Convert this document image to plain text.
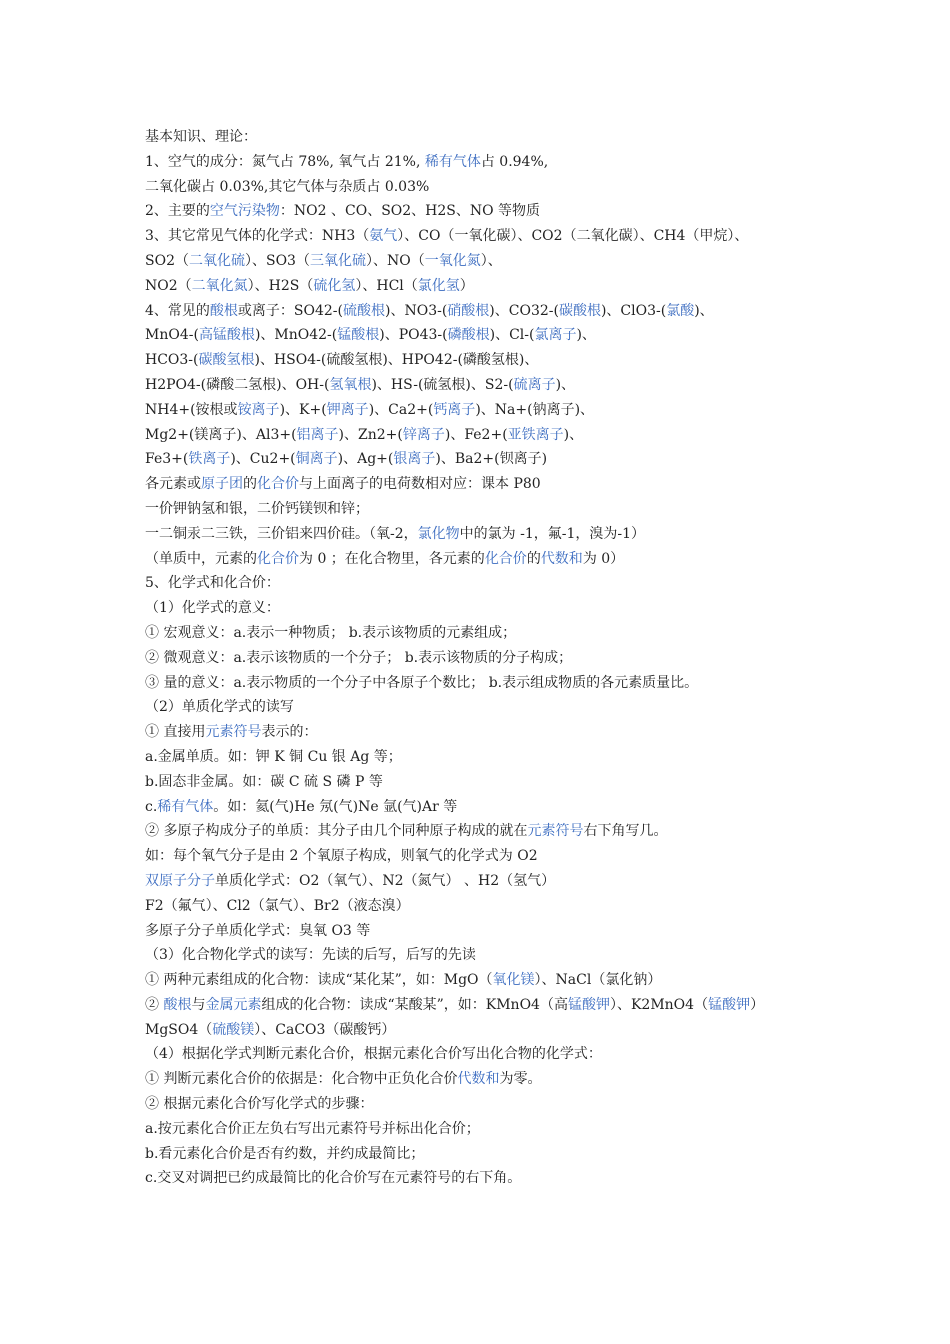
基本知识、理论：

1、空气的成分：氮气占 78%, 氧气占 21%, 稀有气体占 0.94%,

二氧化碳占 0.03%,其它气体与杂质占 0.03%

2、主要的空气污染物：NO2 、CO、SO2、H2S、NO 等物质

3、其它常见气体的化学式：NH3（氨气）、CO（一氧化碳）、CO2（二氧化碳）、CH4（甲烷）、

SO2（二氧化硫）、SO3（三氧化硫）、NO（一氧化氮）、

NO2（二氧化氮）、H2S（硫化氢）、HCl（氯化氢）

4、常见的酸根或离子：SO42-(硫酸根)、NO3-(硝酸根)、CO32-(碳酸根)、ClO3-(氯酸)、

MnO4-(高锰酸根)、MnO42-(锰酸根)、PO43-(磷酸根)、Cl-(氯离子)、

HCO3-(碳酸氢根)、HSO4-(硫酸氢根)、HPO42-(磷酸氢根)、

H2PO4-(磷酸二氢根)、OH-(氢氧根)、HS-(硫氢根)、S2-(硫离子)、

NH4+(铵根或铵离子)、K+(钾离子)、Ca2+(钙离子)、Na+(钠离子)、

Mg2+(镁离子)、Al3+(铝离子)、Zn2+(锌离子)、Fe2+(亚铁离子)、

Fe3+(铁离子)、Cu2+(铜离子)、Ag+(银离子)、Ba2+(钡离子)

各元素或原子团的化合价与上面离子的电荷数相对应：课本 P80

一价钾钠氢和银，二价钙镁钡和锌；

一二铜汞二三铁，三价铝来四价硅。（氧-2，氯化物中的氯为 -1，氟-1，溴为-1）

（单质中，元素的化合价为 0 ；在化合物里，各元素的化合价的代数和为 0）

5、化学式和化合价：

（1）化学式的意义：

① 宏观意义：a.表示一种物质； b.表示该物质的元素组成；

② 微观意义：a.表示该物质的一个分子； b.表示该物质的分子构成；

③ 量的意义：a.表示物质的一个分子中各原子个数比； b.表示组成物质的各元素质量比。

（2）单质化学式的读写

① 直接用元素符号表示的：

a.金属单质。如：钾 K 铜 Cu 银 Ag 等；

b.固态非金属。如：碳 C 硫 S 磷 P 等

c.稀有气体。如：氦(气)He 氖(气)Ne 氩(气)Ar 等

② 多原子构成分子的单质：其分子由几个同种原子构成的就在元素符号右下角写几。

如：每个氧气分子是由 2 个氧原子构成，则氧气的化学式为 O2

双原子分子单质化学式：O2（氧气）、N2（氮气） 、H2（氢气）

F2（氟气）、Cl2（氯气）、Br2（液态溴）

多原子分子单质化学式：臭氧 O3 等

（3）化合物化学式的读写：先读的后写，后写的先读

① 两种元素组成的化合物：读成“某化某”，如：MgO（氧化镁）、NaCl（氯化钠）

② 酸根与金属元素组成的化合物：读成“某酸某”，如：KMnO4（高锰酸钾）、K2MnO4（锰酸钾）

MgSO4（硫酸镁）、CaCO3（碳酸钙）

（4）根据化学式判断元素化合价，根据元素化合价写出化合物的化学式：

① 判断元素化合价的依据是：化合物中正负化合价代数和为零。

② 根据元素化合价写化学式的步骤：

a.按元素化合价正左负右写出元素符号并标出化合价；

b.看元素化合价是否有约数，并约成最简比；

c.交叉对调把已约成最简比的化合价写在元素符号的右下角。
